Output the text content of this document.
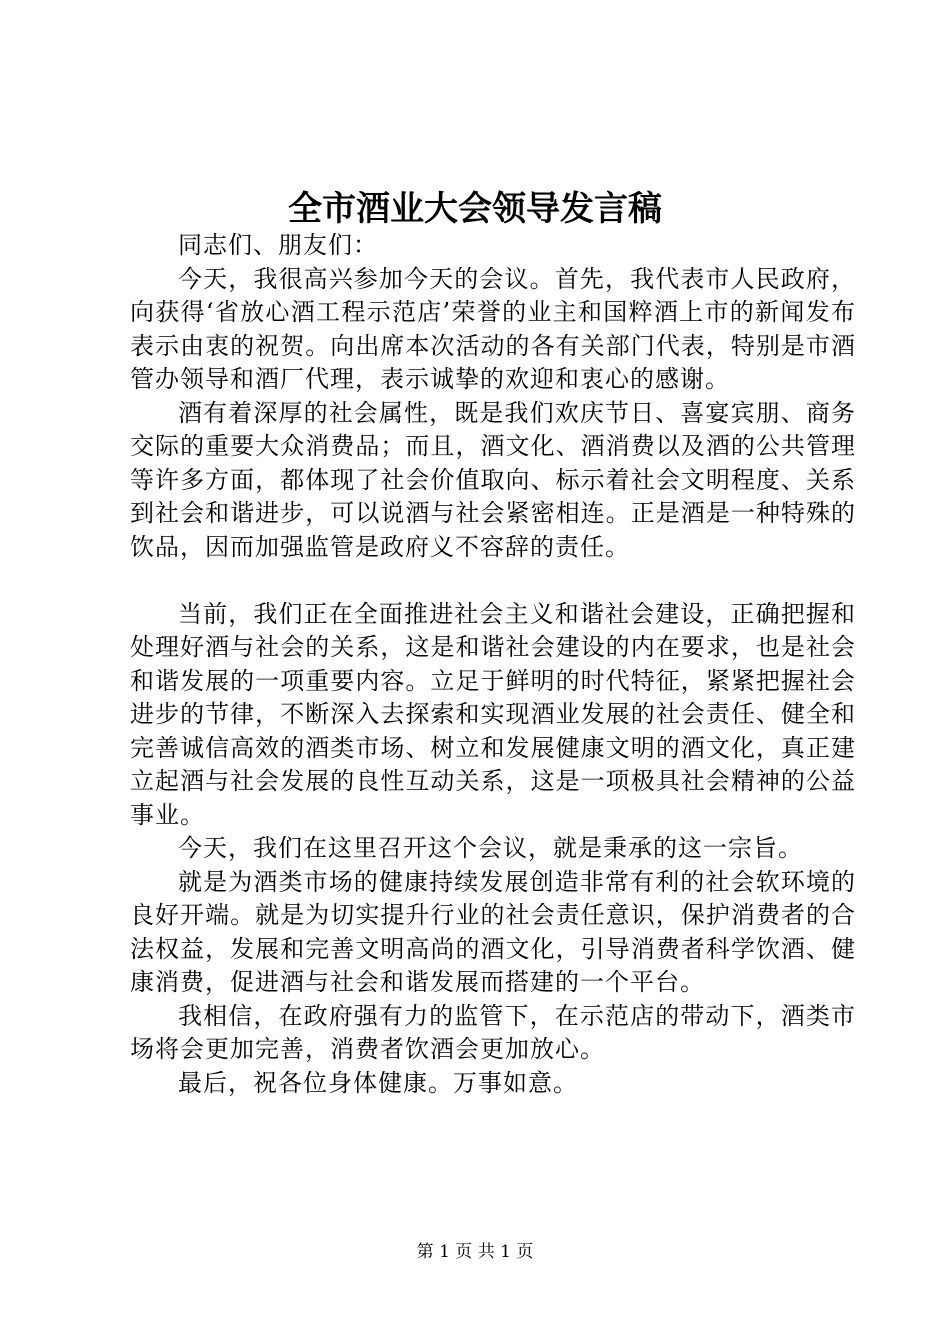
全市酒业大会领导发言稿

同志们、朋友们：

今天，我很高兴参加今天的会议。首先，我代表市人民政府，向获得‘省放心酒工程示范店’荣誉的业主和国粹酒上市的新闻发布表示由衷的祝贺。向出席本次活动的各有关部门代表，特别是市酒管办领导和酒厂代理，表示诚挚的欢迎和衷心的感谢。

酒有着深厚的社会属性，既是我们欢庆节日、喜宴宾朋、商务交际的重要大众消费品；而且，酒文化、酒消费以及酒的公共管理等许多方面，都体现了社会价值取向、标示着社会文明程度、关系到社会和谐进步，可以说酒与社会紧密相连。正是酒是一种特殊的饮品，因而加强监管是政府义不容辞的责任。

当前，我们正在全面推进社会主义和谐社会建设，正确把握和处理好酒与社会的关系，这是和谐社会建设的内在要求，也是社会和谐发展的一项重要内容。立足于鲜明的时代特征，紧紧把握社会进步的节律，不断深入去探索和实现酒业发展的社会责任、健全和完善诚信高效的酒类市场、树立和发展健康文明的酒文化，真正建立起酒与社会发展的良性互动关系，这是一项极具社会精神的公益事业。

今天，我们在这里召开这个会议，就是秉承的这一宗旨。

就是为酒类市场的健康持续发展创造非常有利的社会软环境的良好开端。就是为切实提升行业的社会责任意识，保护消费者的合法权益，发展和完善文明高尚的酒文化，引导消费者科学饮酒、健康消费，促进酒与社会和谐发展而搭建的一个平台。

我相信，在政府强有力的监管下，在示范店的带动下，酒类市场将会更加完善，消费者饮酒会更加放心。

最后，祝各位身体健康。万事如意。

第 1 页 共 1 页
